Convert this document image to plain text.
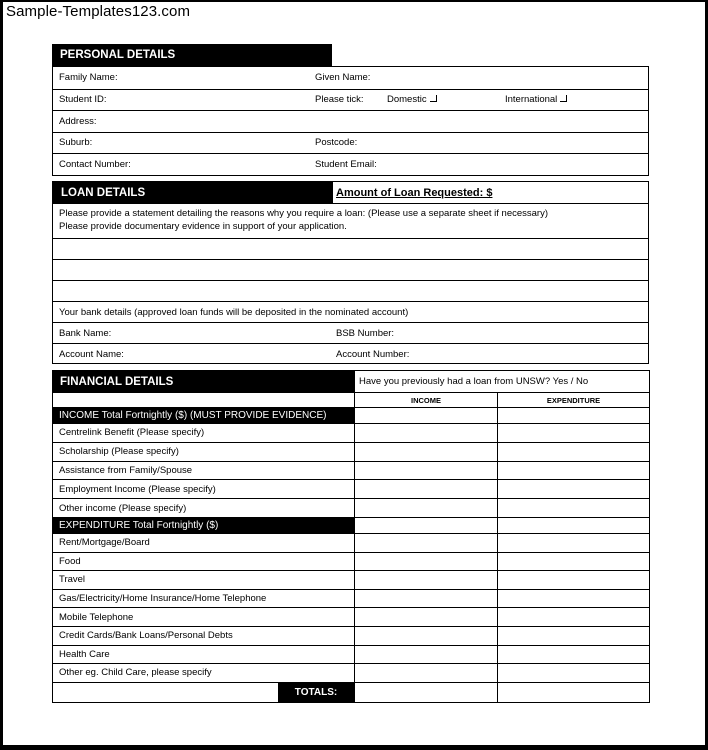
Sample-Templates123.com
PERSONAL DETAILS
Family Name:	Given Name:
Student ID:	Please tick: Domestic	International
Address:
Suburb:	Postcode:
Contact Number:	Student Email:
LOAN DETAILS	Amount of Loan Requested: $
Please provide a statement detailing the reasons why you require a loan: (Please use a separate sheet if necessary)
Please provide documentary evidence in support of your application.
Your bank details (approved loan funds will be deposited in the nominated account)
Bank Name:	BSB Number:
Account Name:	Account Number:
FINANCIAL DETAILS	Have you previously had a loan from UNSW? Yes / No	
	INCOME	EXPENDITURE
INCOME Total Fortnightly ($) (MUST PROVIDE EVIDENCE)		
Centrelink Benefit (Please specify)		
Scholarship (Please specify)		
Assistance from Family/Spouse		
Employment Income (Please specify)		
Other income (Please specify)		
EXPENDITURE Total Fortnightly ($)		
Rent/Mortgage/Board		
Food		
Travel		
Gas/Electricity/Home Insurance/Home Telephone		
Mobile Telephone		
Credit Cards/Bank Loans/Personal Debts		
Health Care		
Other eg. Child Care, please specify		

TOTALS:		
